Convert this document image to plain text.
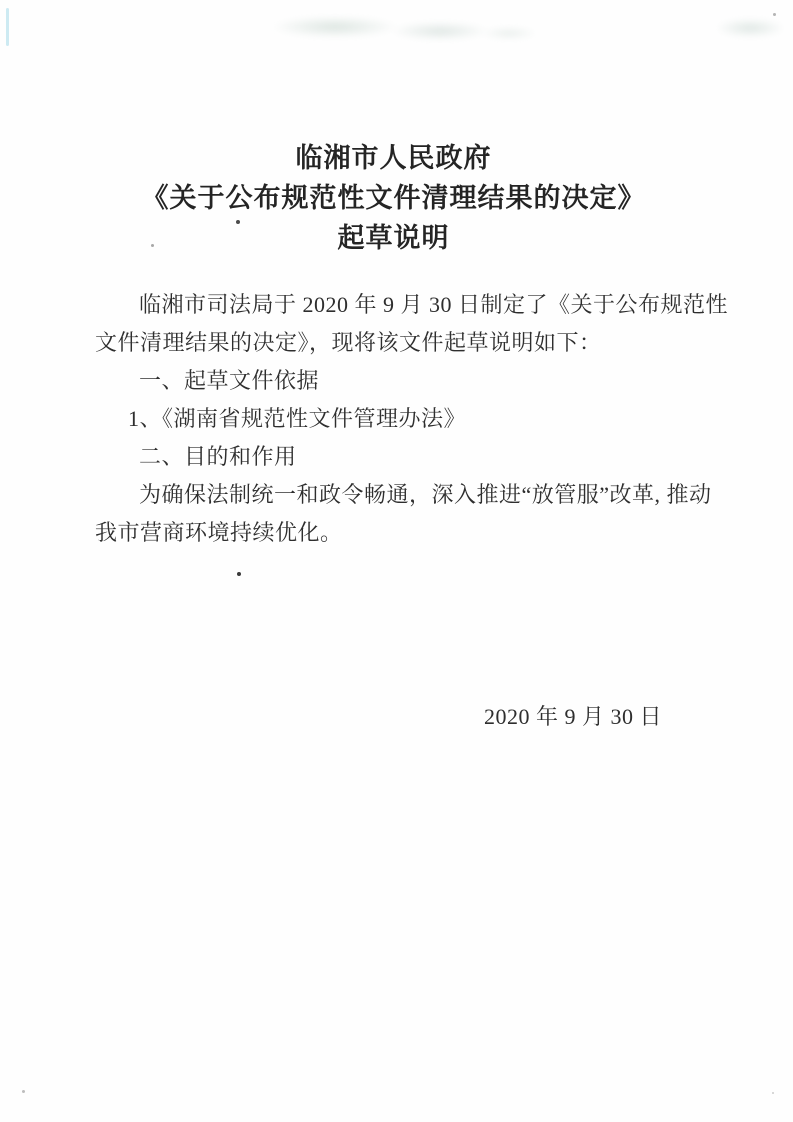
临湘市人民政府
《关于公布规范性文件清理结果的决定》
起草说明

临湘市司法局于 2020 年 9 月 30 日制定了《关于公布规范性

文件清理结果的决定》，现将该文件起草说明如下：

一、起草文件依据

1、《湖南省规范性文件管理办法》

二、目的和作用

为确保法制统一和政令畅通，深入推进“放管服”改革, 推动

我市营商环境持续优化。

2020 年 9 月 30 日
